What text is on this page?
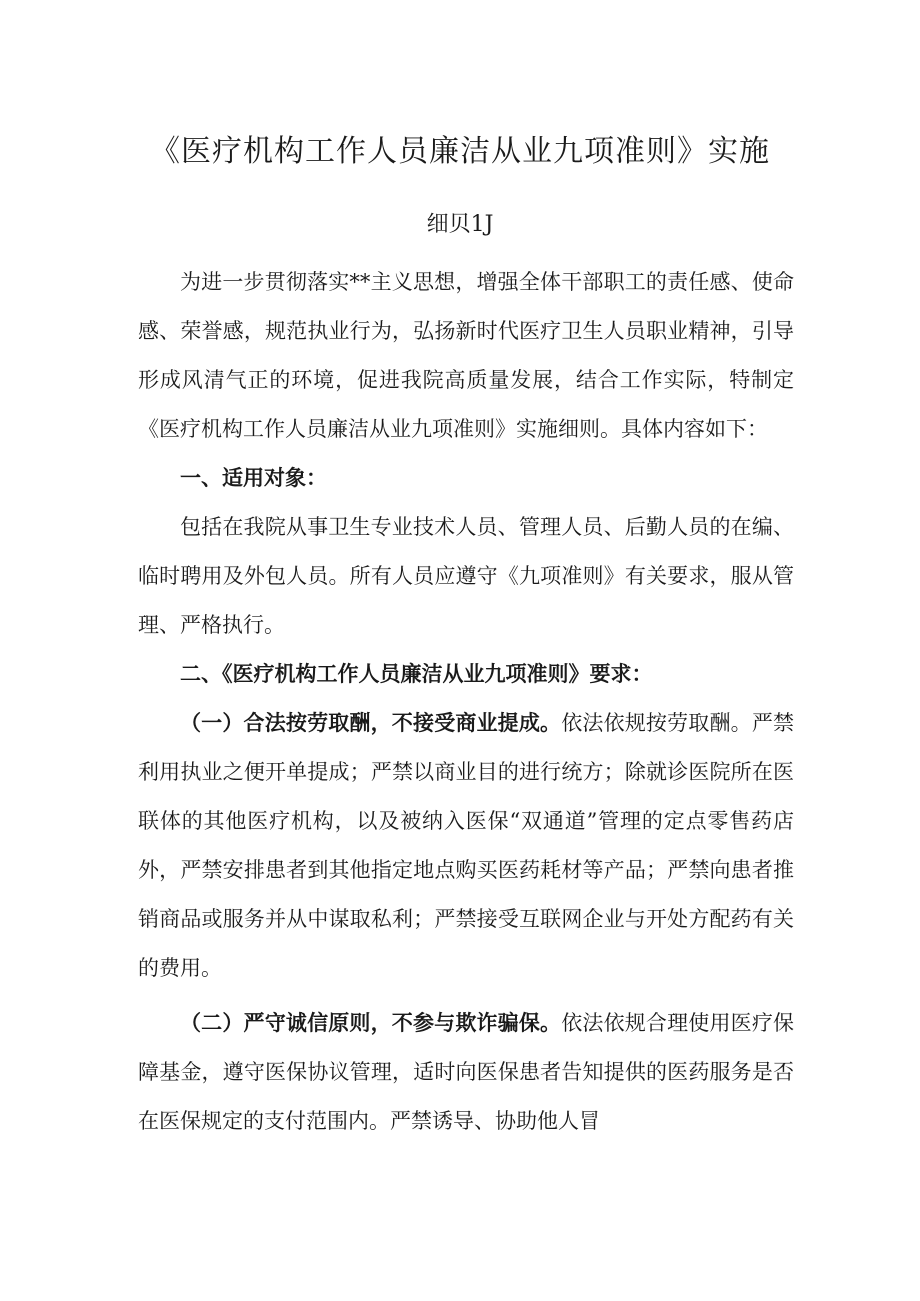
《医疗机构工作人员廉洁从业九项准则》实施
细贝1J

为进一步贯彻落实**主义思想，增强全体干部职工的责任感、使命感、荣誉感，规范执业行为，弘扬新时代医疗卫生人员职业精神，引导形成风清气正的环境，促进我院高质量发展，结合工作实际，特制定《医疗机构工作人员廉洁从业九项准则》实施细则。具体内容如下：

一、适用对象：

包括在我院从事卫生专业技术人员、管理人员、后勤人员的在编、临时聘用及外包人员。所有人员应遵守《九项准则》有关要求，服从管理、严格执行。

二、《医疗机构工作人员廉洁从业九项准则》要求：

（一）合法按劳取酬，不接受商业提成。依法依规按劳取酬。严禁利用执业之便开单提成；严禁以商业目的进行统方；除就诊医院所在医联体的其他医疗机构，以及被纳入医保“双通道”管理的定点零售药店外，严禁安排患者到其他指定地点购买医药耗材等产品；严禁向患者推销商品或服务并从中谋取私利；严禁接受互联网企业与开处方配药有关的费用。

（二）严守诚信原则，不参与欺诈骗保。依法依规合理使用医疗保障基金，遵守医保协议管理，适时向医保患者告知提供的医药服务是否在医保规定的支付范围内。严禁诱导、协助他人冒
